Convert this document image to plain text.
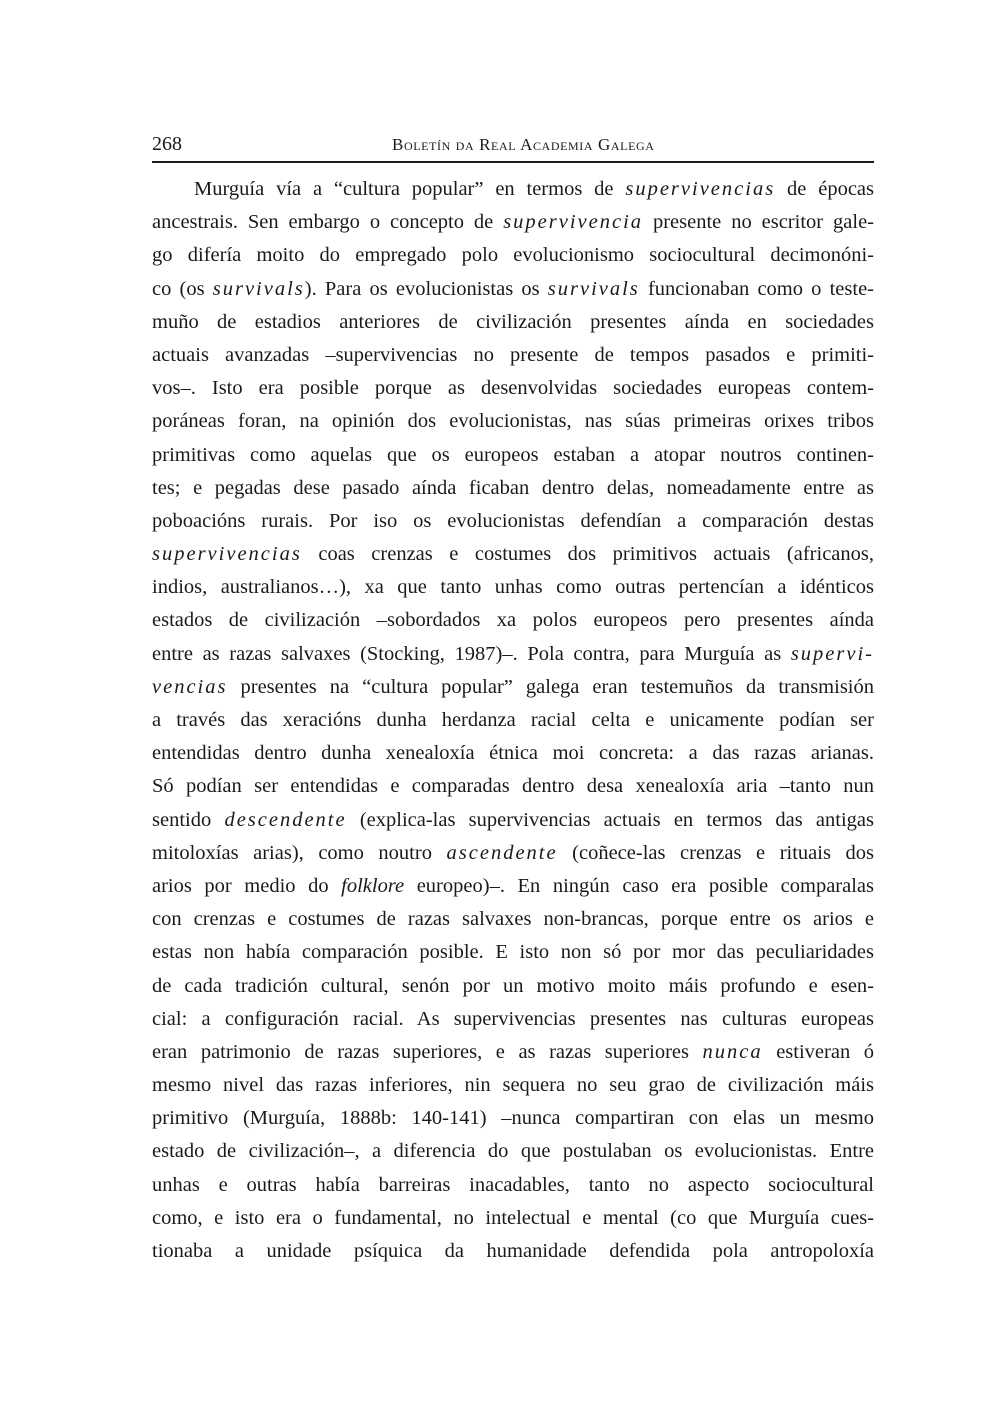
268	Boletín da Real Academia Galega
Murguía vía a “cultura popular” en termos de supervivencias de épocas
ancestrais. Sen embargo o concepto de supervivencia presente no escritor gale-
go difería moito do empregado polo evolucionismo sociocultural decimonóni-
co (os survivals). Para os evolucionistas os survivals funcionaban como o teste-
muño de estadios anteriores de civilización presentes aínda en sociedades
actuais avanzadas –supervivencias no presente de tempos pasados e primiti-
vos–. Isto era posible porque as desenvolvidas sociedades europeas contem-
poráneas foran, na opinión dos evolucionistas, nas súas primeiras orixes tribos
primitivas como aquelas que os europeos estaban a atopar noutros continen-
tes; e pegadas dese pasado aínda ficaban dentro delas, nomeadamente entre as
poboacións rurais. Por iso os evolucionistas defendían a comparación destas
supervivencias coas crenzas e costumes dos primitivos actuais (africanos,
indios, australianos…), xa que tanto unhas como outras pertencían a idénticos
estados de civilización –sobordados xa polos europeos pero presentes aínda
entre as razas salvaxes (Stocking, 1987)–. Pola contra, para Murguía as supervi-
vencias presentes na “cultura popular” galega eran testemuños da transmisión
a través das xeracións dunha herdanza racial celta e unicamente podían ser
entendidas dentro dunha xenealoxía étnica moi concreta: a das razas arianas.
Só podían ser entendidas e comparadas dentro desa xenealoxía aria –tanto nun
sentido descendente (explica-las supervivencias actuais en termos das antigas
mitoloxías arias), como noutro ascendente (coñece-las crenzas e rituais dos
arios por medio do folklore europeo)–. En ningún caso era posible comparalas
con crenzas e costumes de razas salvaxes non-brancas, porque entre os arios e
estas non había comparación posible. E isto non só por mor das peculiaridades
de cada tradición cultural, senón por un motivo moito máis profundo e esen-
cial: a configuración racial. As supervivencias presentes nas culturas europeas
eran patrimonio de razas superiores, e as razas superiores nunca estiveran ó
mesmo nivel das razas inferiores, nin sequera no seu grao de civilización máis
primitivo (Murguía, 1888b: 140-141) –nunca compartiran con elas un mesmo
estado de civilización–, a diferencia do que postulaban os evolucionistas. Entre
unhas e outras había barreiras inacadables, tanto no aspecto sociocultural
como, e isto era o fundamental, no intelectual e mental (co que Murguía cues-
tionaba a unidade psíquica da humanidade defendida pola antropoloxía
